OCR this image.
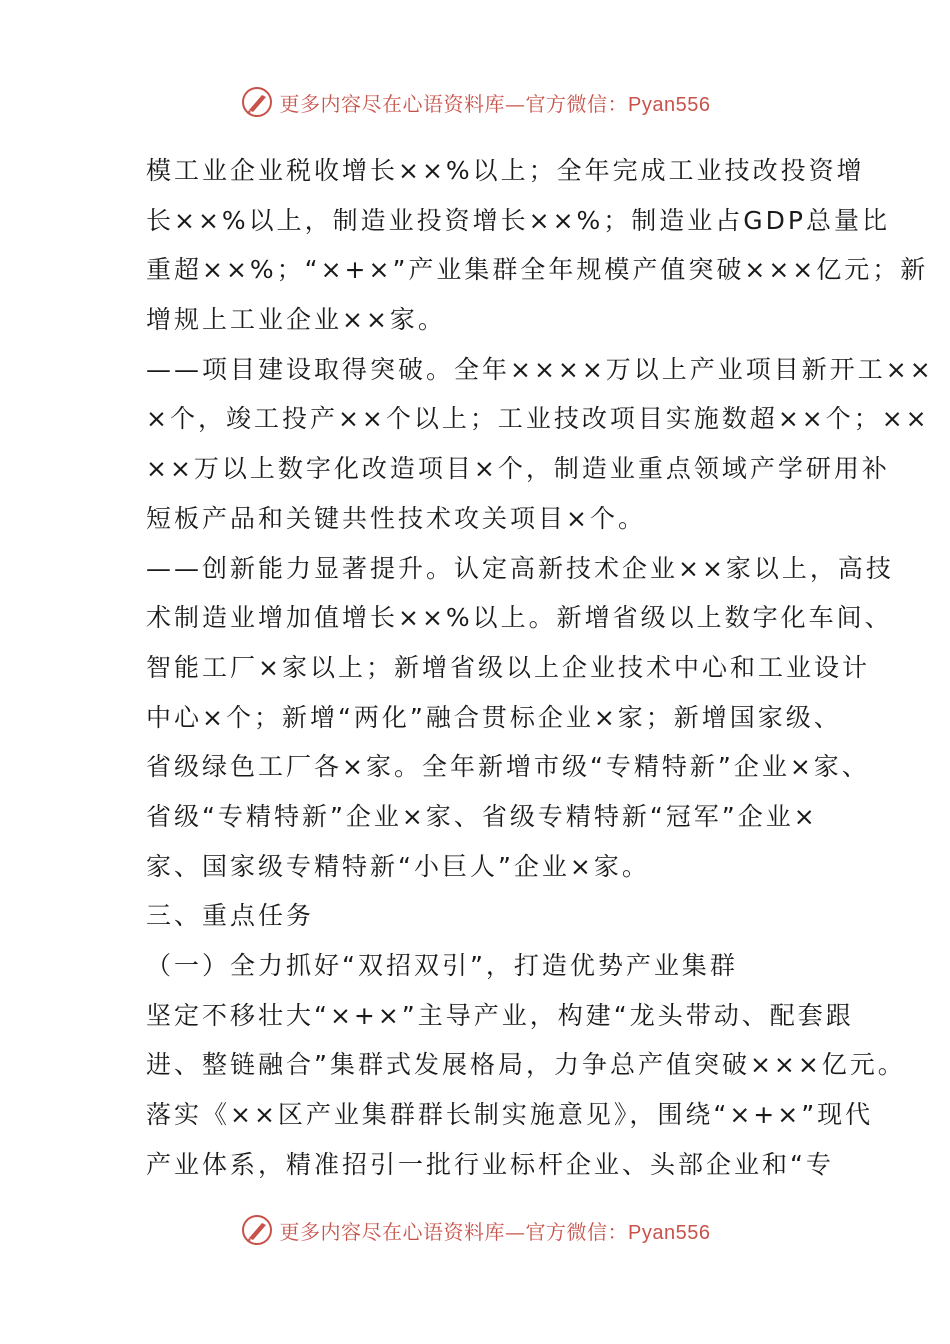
更多内容尽在心语资料库—官方微信：Pyan556
模工业企业税收增长××%以上；全年完成工业技改投资增
长××%以上，制造业投资增长××%；制造业占GDP总量比
重超××%；“×+×”产业集群全年规模产值突破×××亿元；新
增规上工业企业××家。
——项目建设取得突破。全年××××万以上产业项目新开工××
×个，竣工投产××个以上；工业技改项目实施数超××个；××
××万以上数字化改造项目×个，制造业重点领域产学研用补
短板产品和关键共性技术攻关项目×个。
——创新能力显著提升。认定高新技术企业××家以上，高技
术制造业增加值增长××%以上。新增省级以上数字化车间、
智能工厂×家以上；新增省级以上企业技术中心和工业设计
中心×个；新增“两化”融合贯标企业×家；新增国家级、
省级绿色工厂各×家。全年新增市级“专精特新”企业×家、
省级“专精特新”企业×家、省级专精特新“冠军”企业×
家、国家级专精特新“小巨人”企业×家。
三、重点任务
（一）全力抓好“双招双引”，打造优势产业集群
坚定不移壮大“×+×”主导产业，构建“龙头带动、配套跟
进、整链融合”集群式发展格局，力争总产值突破×××亿元。
落实《××区产业集群群长制实施意见》，围绕“×+×”现代
产业体系，精准招引一批行业标杆企业、头部企业和“专
更多内容尽在心语资料库—官方微信：Pyan556
